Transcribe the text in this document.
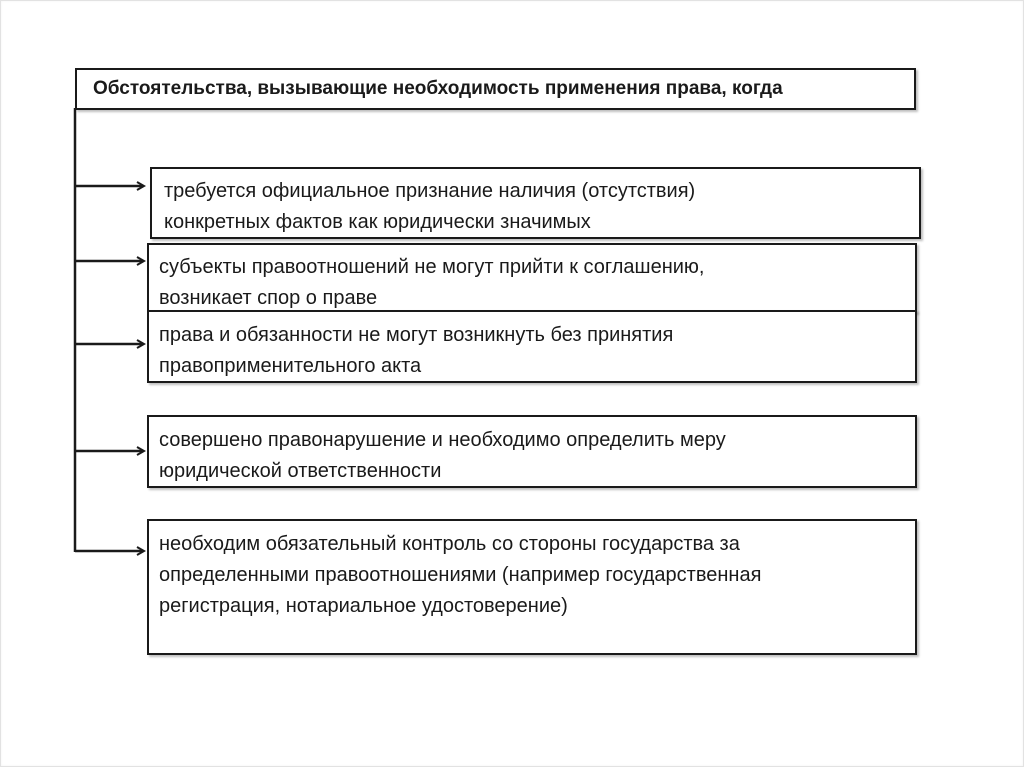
Обстоятельства, вызывающие необходимость применения права, когда
требуется официальное признание наличия (отсутствия)
конкретных фактов как юридически значимых
субъекты правоотношений не могут прийти к соглашению,
возникает спор о праве
права и обязанности не могут возникнуть без принятия
правоприменительного акта
совершено правонарушение и необходимо определить меру
юридической ответственности
необходим обязательный контроль со стороны государства за
определенными правоотношениями (например государственная
регистрация, нотариальное удостоверение)
